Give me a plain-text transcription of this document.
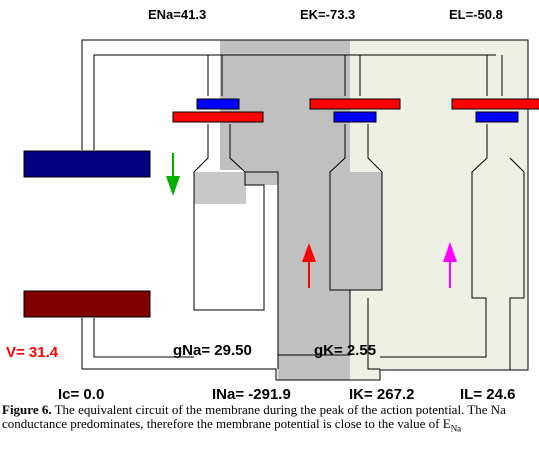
ENa=41.3	EK=-73.3	EL=-50.8
V= 31.4	gNa= 29.50	gK= 2.55
Ic= 0.0	INa= -291.9	IK= 267.2	IL= 24.6
Figure 6. The equivalent circuit of the membrane during the peak of the action potential. The Na conductance predominates, therefore the membrane potential is close to the value of $E_{Na}$
